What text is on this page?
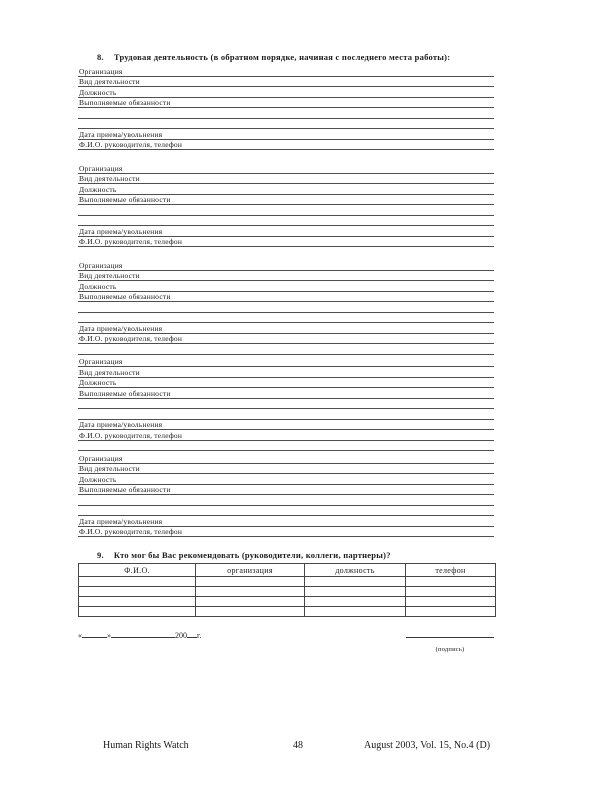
8. Трудовая деятельность (в обратном порядке, начиная с последнего места работы):
Организация
Вид деятельности
Должность
Выполняемые обязанности
Дата приема/увольнения
Ф.И.О. руководителя, телефон
Организация
Вид деятельности
Должность
Выполняемые обязанности
Дата приема/увольнения
Ф.И.О. руководителя, телефон
Организация
Вид деятельности
Должность
Выполняемые обязанности
Дата приема/увольнения
Ф.И.О. руководителя, телефон
Организация
Вид деятельности
Должность
Выполняемые обязанности
Дата приема/увольнения
Ф.И.О. руководителя, телефон
Организация
Вид деятельности
Должность
Выполняемые обязанности
Дата приема/увольнения
Ф.И.О. руководителя, телефон
9. Кто мог бы Вас рекомендовать (руководители, коллеги, партнеры)?
Ф.И.О.	организация	должность	телефон

«	»	200 г.
(подпись)
Human Rights Watch	48	August 2003, Vol. 15, No.4 (D)
